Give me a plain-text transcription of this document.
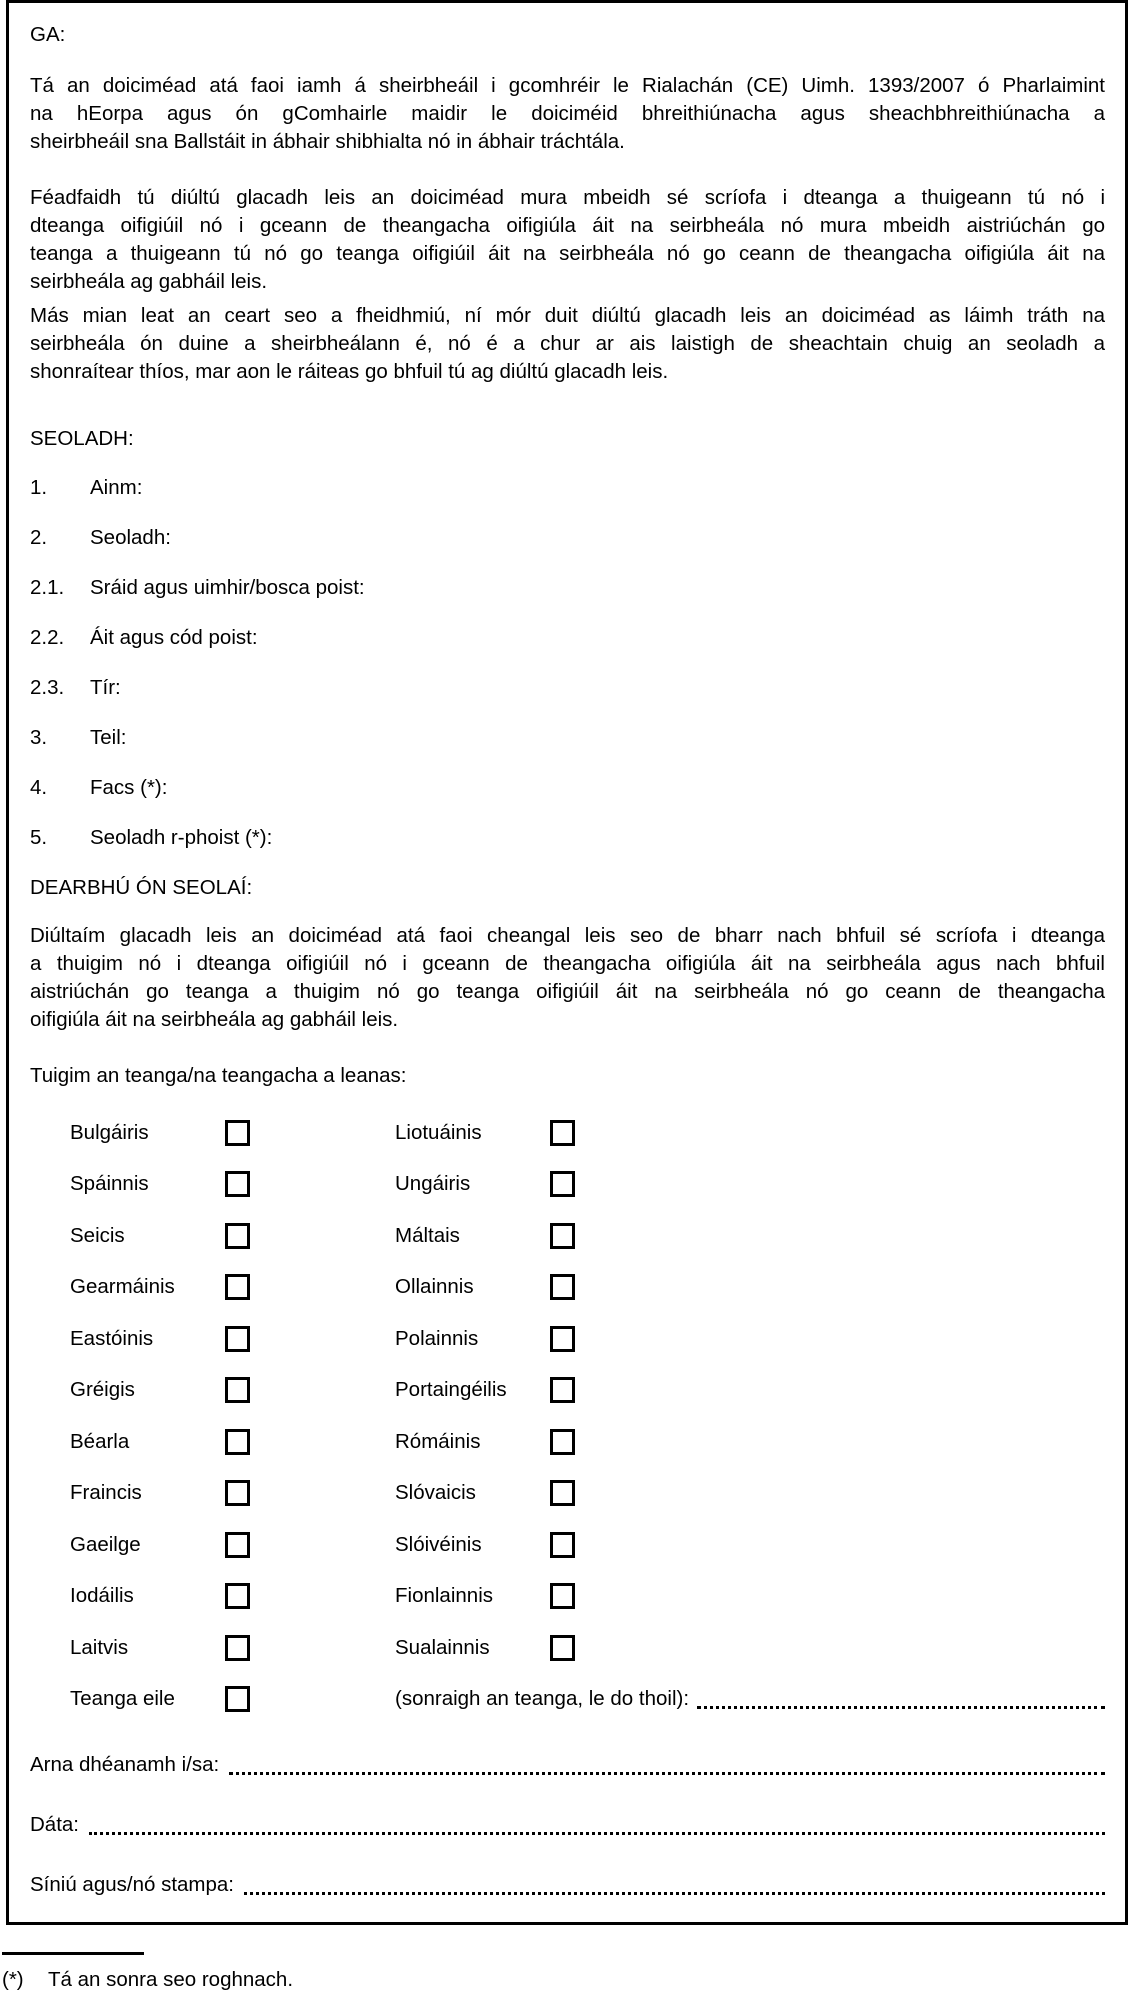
GA:

Tá an doiciméad atá faoi iamh á sheirbheáil i gcomhréir le Rialachán (CE) Uimh. 1393/2007 ó Pharlaimint
na hEorpa agus ón gComhairle maidir le doiciméid bhreithiúnacha agus sheachbhreithiúnacha a
sheirbheáil sna Ballstáit in ábhair shibhialta nó in ábhair tráchtála.

Féadfaidh tú diúltú glacadh leis an doiciméad mura mbeidh sé scríofa i dteanga a thuigeann tú nó i
dteanga oifigiúil nó i gceann de theangacha oifigiúla áit na seirbheála nó mura mbeidh aistriúchán go
teanga a thuigeann tú nó go teanga oifigiúil áit na seirbheála nó go ceann de theangacha oifigiúla áit na
seirbheála ag gabháil leis.

Más mian leat an ceart seo a fheidhmiú, ní mór duit diúltú glacadh leis an doiciméad as láimh tráth na
seirbheála ón duine a sheirbheálann é, nó é a chur ar ais laistigh de sheachtain chuig an seoladh a
shonraítear thíos, mar aon le ráiteas go bhfuil tú ag diúltú glacadh leis.

SEOLADH:
1.	Ainm:
2.	Seoladh:
2.1.	Sráid agus uimhir/bosca poist:
2.2.	Áit agus cód poist:
2.3.	Tír:
3.	Teil:
4.	Facs (*):
5.	Seoladh r-phoist (*):
DEARBHÚ ÓN SEOLAÍ:

Diúltaím glacadh leis an doiciméad atá faoi cheangal leis seo de bharr nach bhfuil sé scríofa i dteanga
a thuigim nó i dteanga oifigiúil nó i gceann de theangacha oifigiúla áit na seirbheála agus nach bhfuil
aistriúchán go teanga a thuigim nó go teanga oifigiúil áit na seirbheála nó go ceann de theangacha
oifigiúla áit na seirbheála ag gabháil leis.

Tuigim an teanga/na teangacha a leanas:
Bulgáiris	Liotuáinis
Spáinnis	Ungáiris
Seicis	Máltais
Gearmáinis	Ollainnis
Eastóinis	Polainnis
Gréigis	Portaingéilis
Béarla	Rómáinis
Fraincis	Slóvaicis
Gaeilge	Slóivéinis
Iodáilis	Fionlainnis
Laitvis	Sualainnis
Teanga eile	(sonraigh an teanga, le do thoil):
Arna dhéanamh i/sa:
Dáta:
Síniú agus/nó stampa:
(*)	Tá an sonra seo roghnach.
